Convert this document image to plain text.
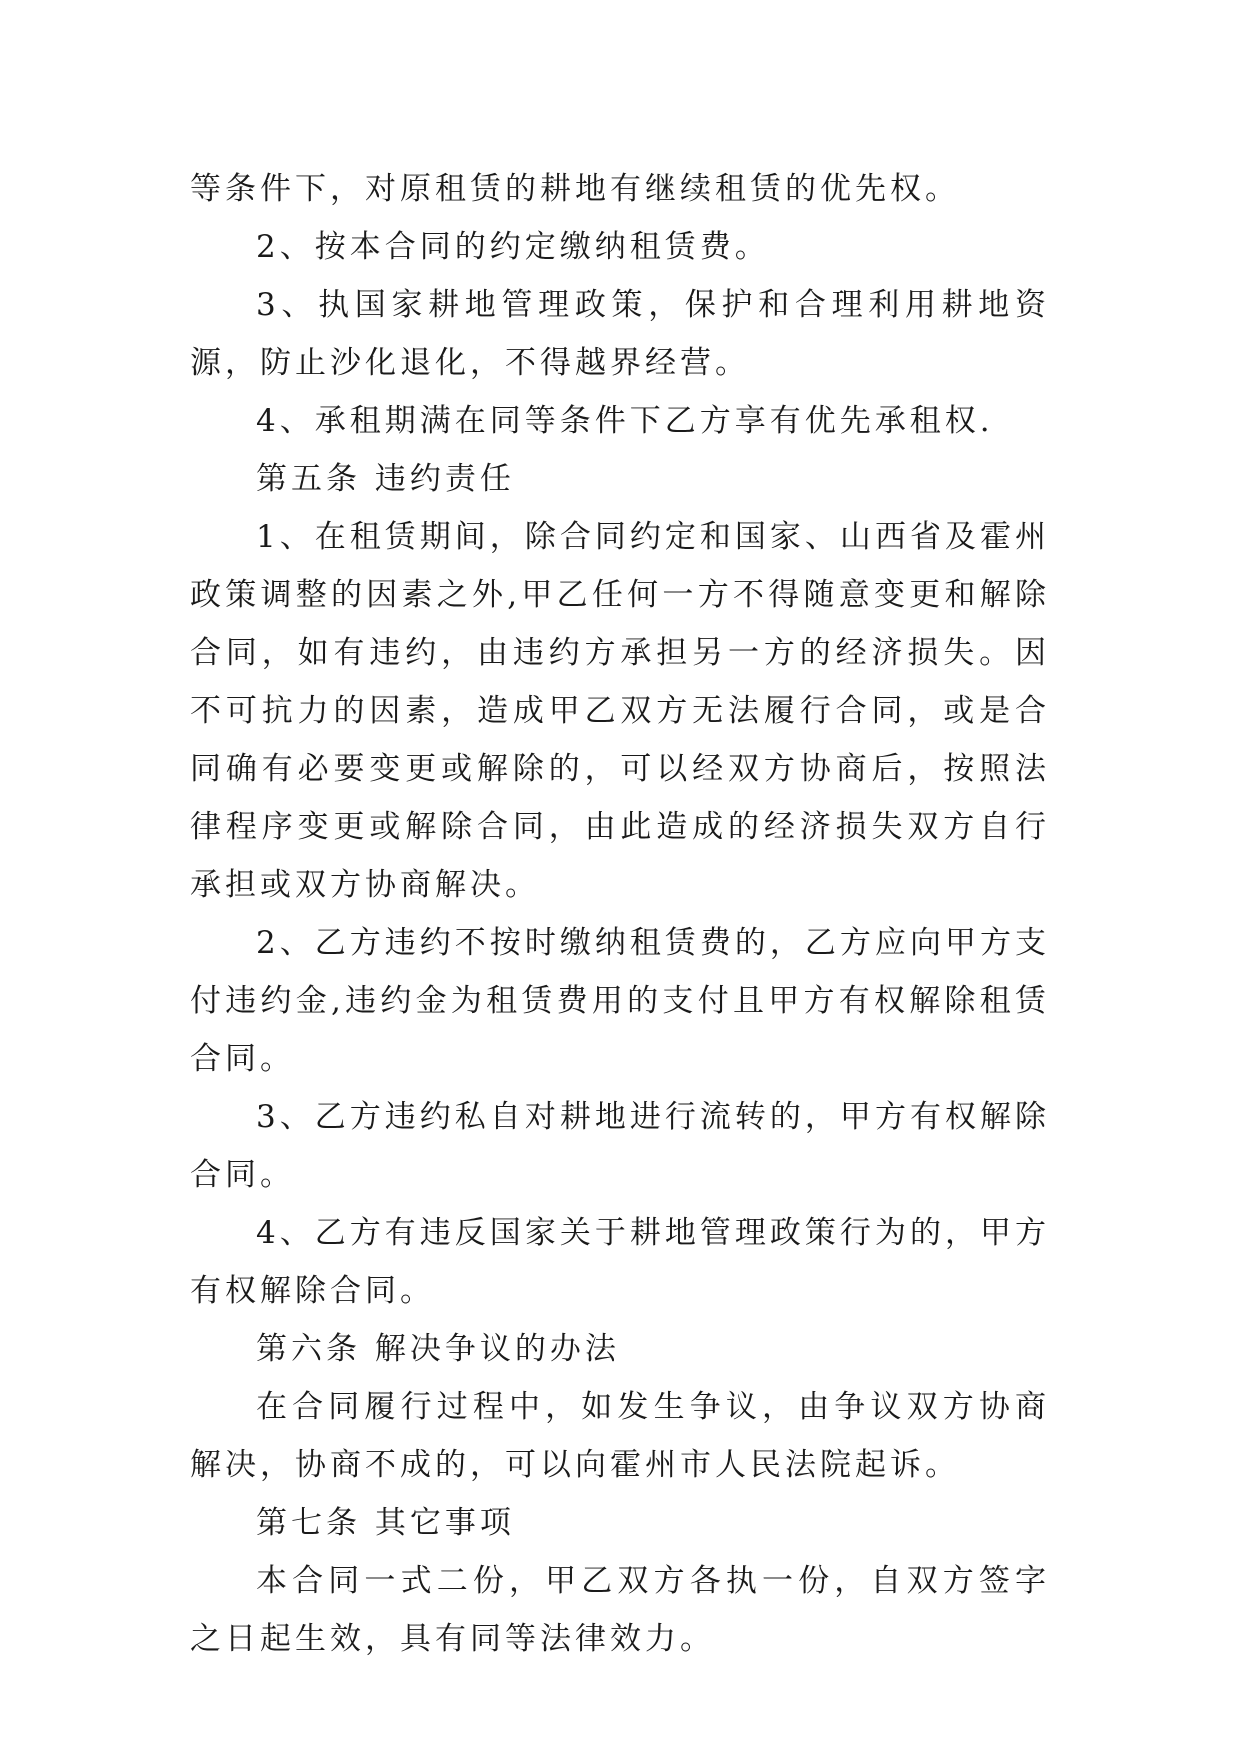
等条件下，对原租赁的耕地有继续租赁的优先权。

2、按本合同的约定缴纳租赁费。

3、执国家耕地管理政策，保护和合理利用耕地资源，防止沙化退化，不得越界经营。

4、承租期满在同等条件下乙方享有优先承租权.

第五条 违约责任

1、在租赁期间，除合同约定和国家、山西省及霍州政策调整的因素之外,甲乙任何一方不得随意变更和解除合同，如有违约，由违约方承担另一方的经济损失。因不可抗力的因素，造成甲乙双方无法履行合同，或是合同确有必要变更或解除的，可以经双方协商后，按照法律程序变更或解除合同，由此造成的经济损失双方自行承担或双方协商解决。

2、乙方违约不按时缴纳租赁费的，乙方应向甲方支付违约金,违约金为租赁费用的支付且甲方有权解除租赁合同。

3、乙方违约私自对耕地进行流转的，甲方有权解除合同。

4、乙方有违反国家关于耕地管理政策行为的，甲方有权解除合同。

第六条 解决争议的办法

在合同履行过程中，如发生争议，由争议双方协商解决，协商不成的，可以向霍州市人民法院起诉。

第七条 其它事项

本合同一式二份，甲乙双方各执一份，自双方签字之日起生效，具有同等法律效力。
